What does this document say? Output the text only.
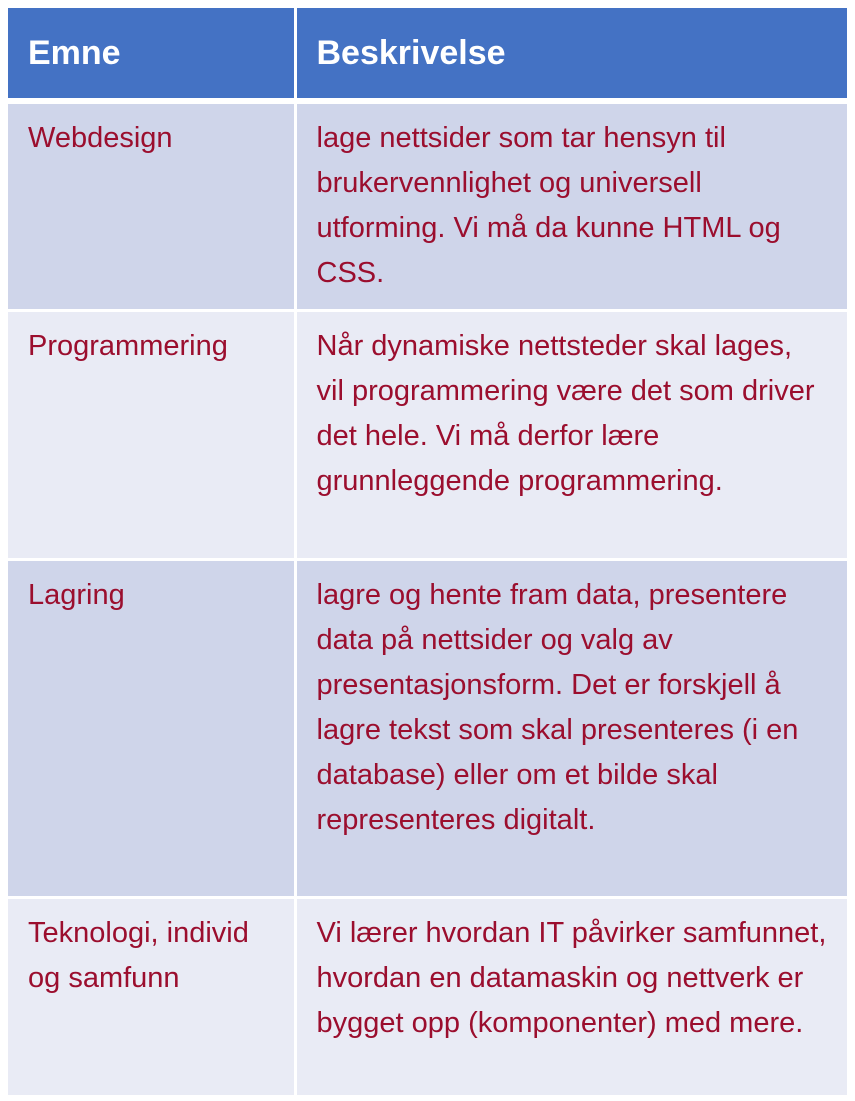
Emne	Beskrivelse
Webdesign	lage nettsider som tar hensyn til brukervennlighet og universell utforming. Vi må da kunne HTML og CSS.
Programmering	Når dynamiske nettsteder skal lages, vil programmering være det som driver det hele. Vi må derfor lære grunnleggende programmering.
Lagring	lagre og hente fram data, presentere data på nettsider og valg av presentasjonsform. Det er forskjell å lagre tekst som skal presenteres (i en database) eller om et bilde skal representeres digitalt.
Teknologi, individ og samfunn	Vi lærer hvordan IT påvirker samfunnet, hvordan en datamaskin og nettverk er bygget opp (komponenter) med mere.
